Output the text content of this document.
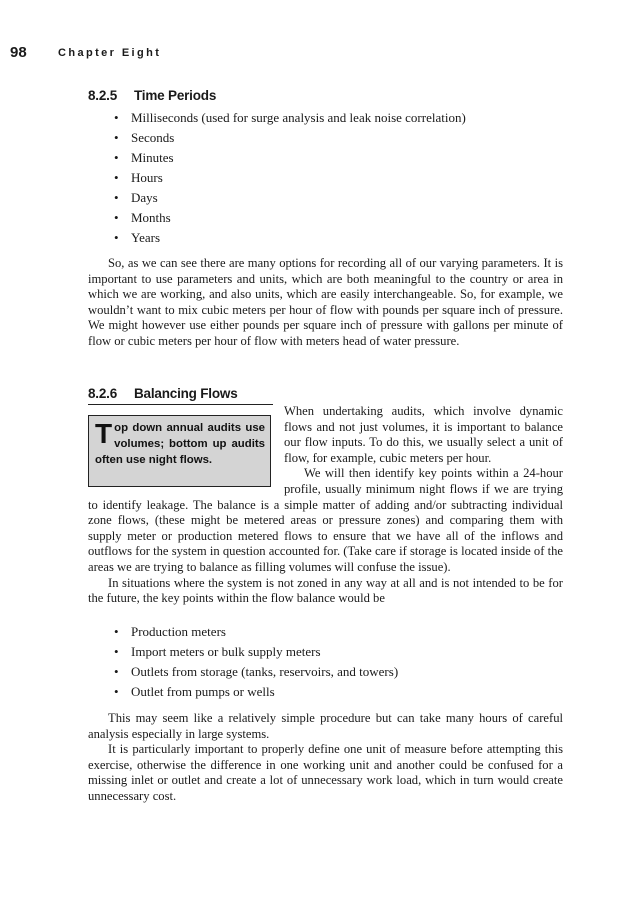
98	Chapter Eight
8.2.5 Time Periods
• Milliseconds (used for surge analysis and leak noise correlation)
• Seconds
• Minutes
• Hours
• Days
• Months
• Years

So, as we can see there are many options for recording all of our varying parameters. It is important to use parameters and units, which are both meaningful to the country or area in which we are working, and also units, which are easily interchangeable. So, for example, we wouldn’t want to mix cubic meters per hour of flow with pounds per square inch of pressure. We might however use either pounds per square inch of pressure with gallons per minute of flow or cubic meters per hour of flow with meters head of water pressure.

8.2.6 Balancing Flows
Top down annual audits use volumes; bottom up audits often use night flows.

When undertaking audits, which involve dynamic flows and not just volumes, it is important to balance our flow inputs. To do this, we usually select a unit of flow, for example, cubic meters per hour.

We will then identify key points within a 24-hour profile, usually minimum night flows if we are trying to identify leakage. The balance is a simple matter of adding and/or subtracting individual zone flows, (these might be metered areas or pressure zones) and comparing them with supply meter or production metered flows to ensure that we have all of the inflows and outflows for the system in question accounted for. (Take care if storage is located inside of the areas we are trying to balance as filling volumes will confuse the issue).

In situations where the system is not zoned in any way at all and is not intended to be for the future, the key points within the flow balance would be

• Production meters
• Import meters or bulk supply meters
• Outlets from storage (tanks, reservoirs, and towers)
• Outlet from pumps or wells

This may seem like a relatively simple procedure but can take many hours of careful analysis especially in large systems.

It is particularly important to properly define one unit of measure before attempting this exercise, otherwise the difference in one working unit and another could be confused for a missing inlet or outlet and create a lot of unnecessary work load, which in turn would create unnecessary cost.
